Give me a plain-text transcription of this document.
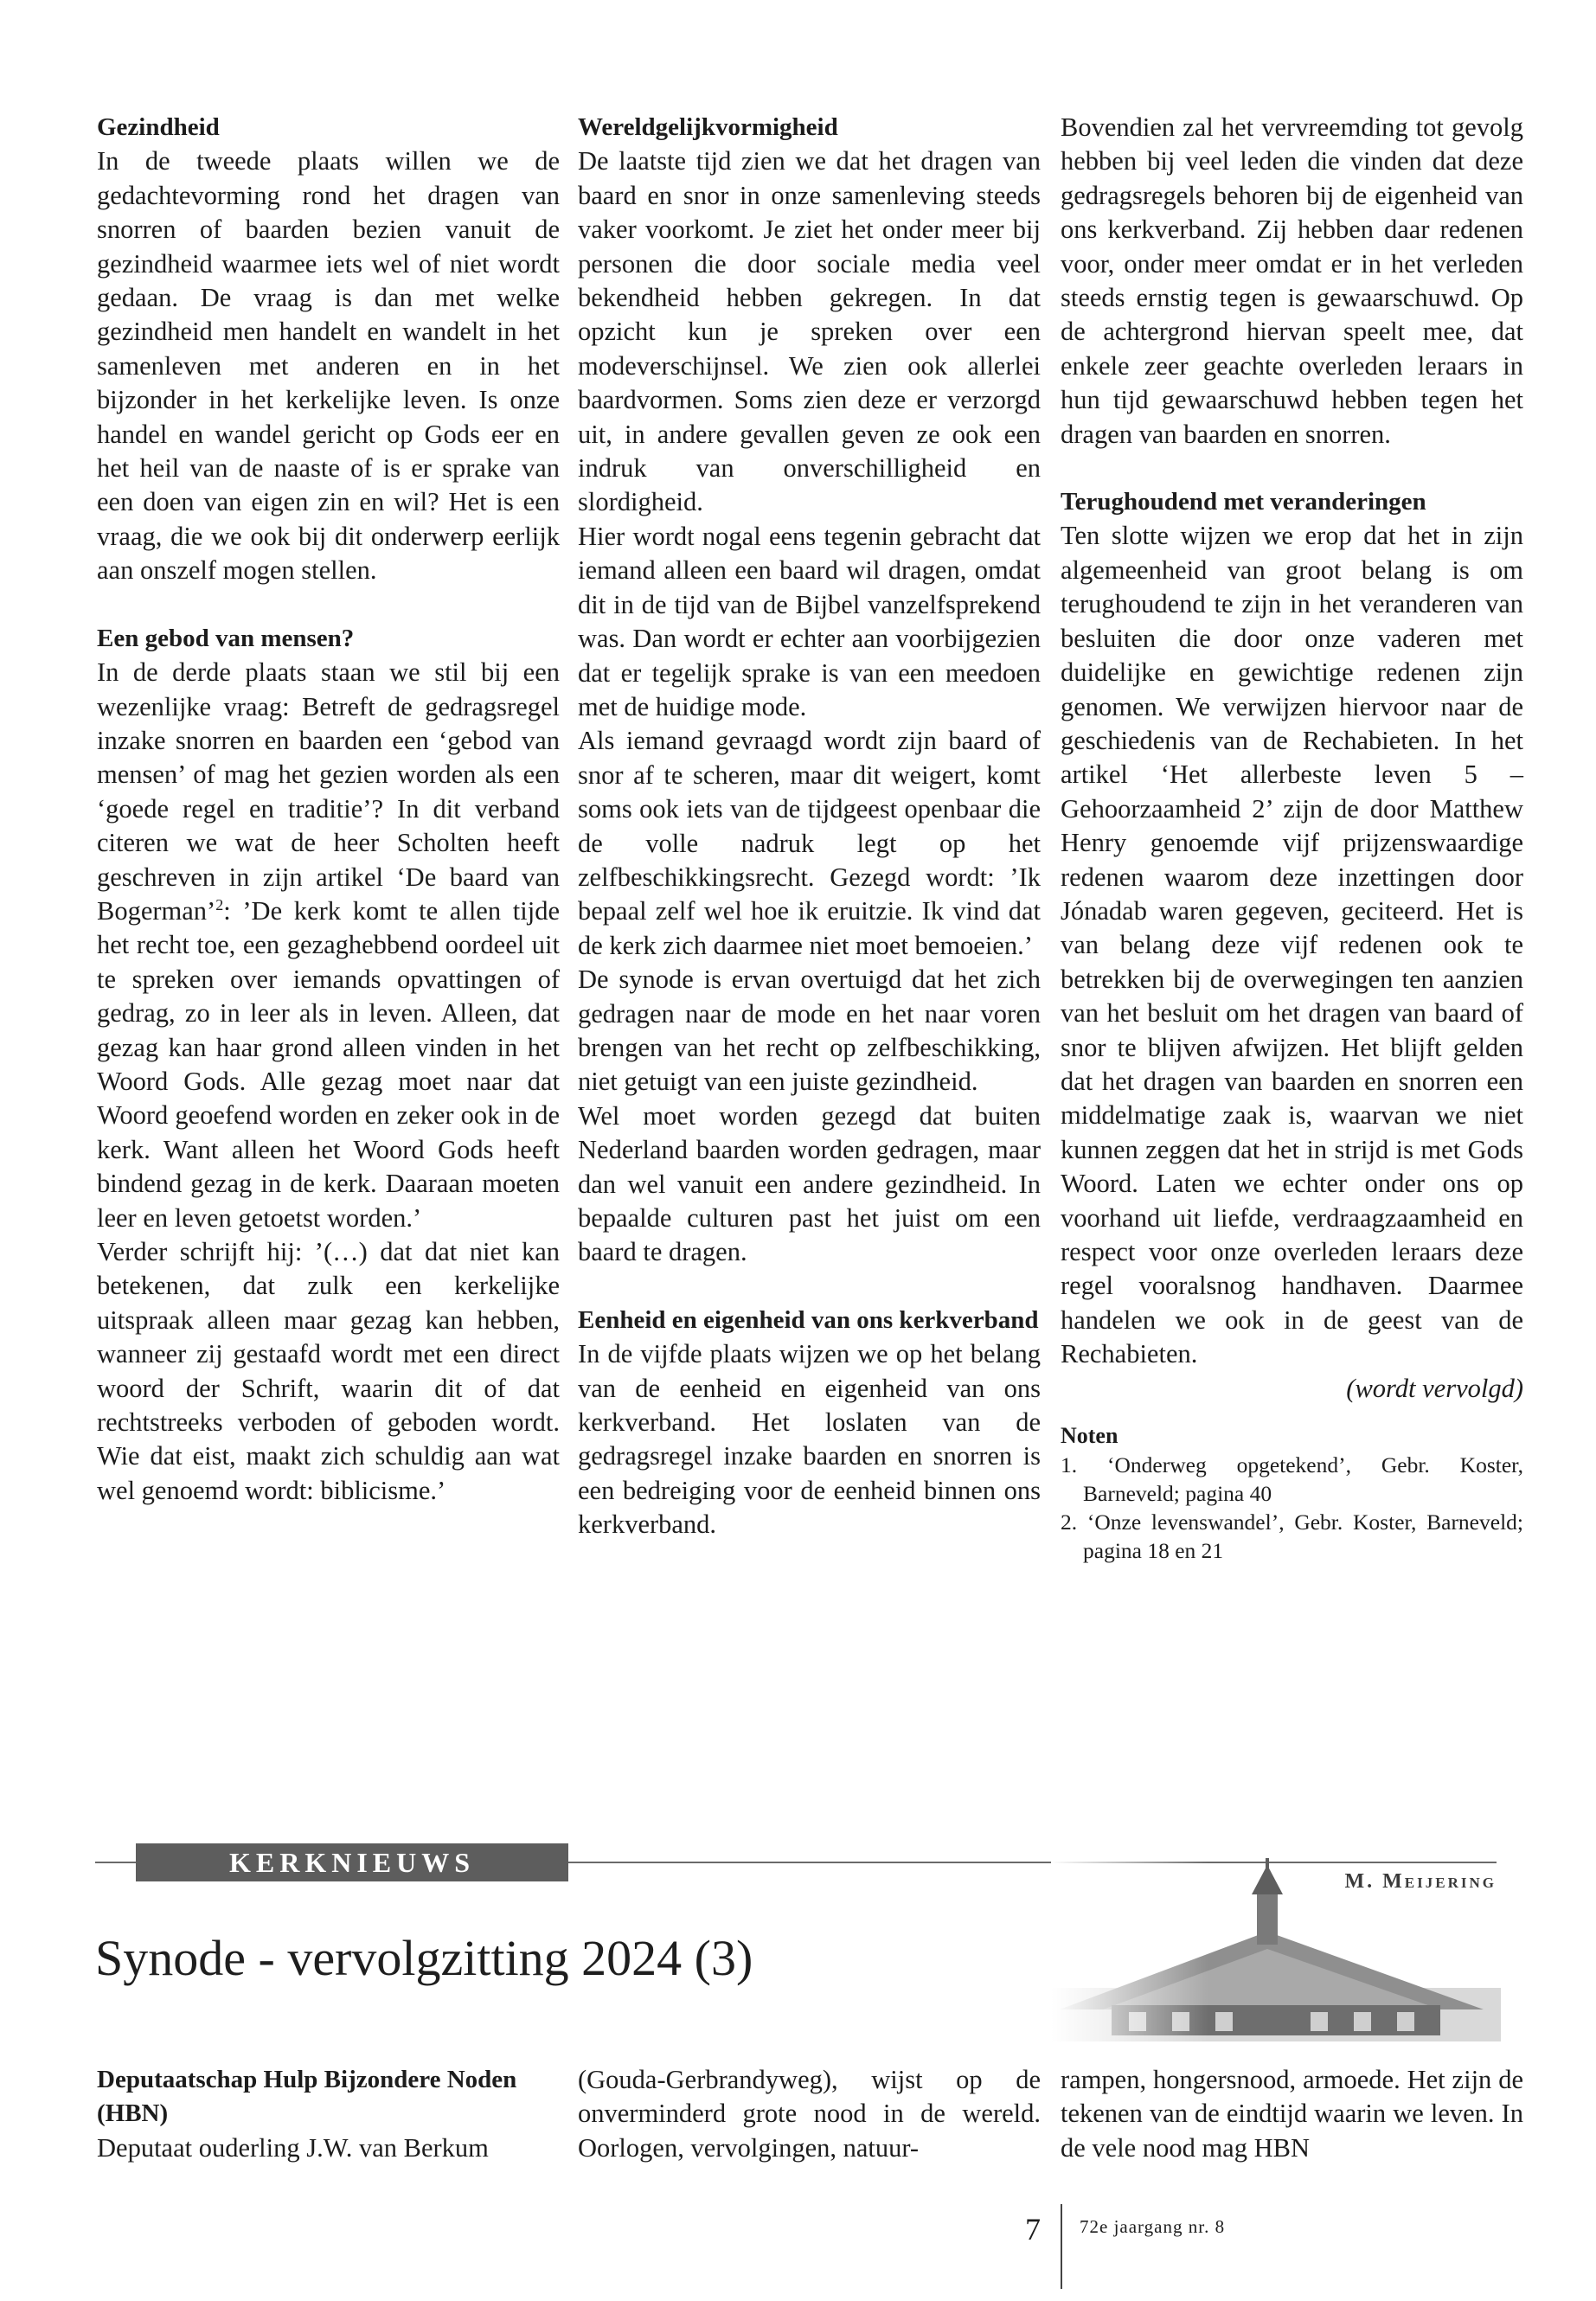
Gezindheid

In de tweede plaats willen we de gedachtevorming rond het dragen van snorren of baarden bezien vanuit de gezindheid waarmee iets wel of niet wordt gedaan. De vraag is dan met welke gezindheid men handelt en wandelt in het samenleven met anderen en in het bijzonder in het kerkelijke leven. Is onze handel en wandel gericht op Gods eer en het heil van de naaste of is er sprake van een doen van eigen zin en wil? Het is een vraag, die we ook bij dit onderwerp eerlijk aan onszelf mogen stellen.

Een gebod van mensen?

In de derde plaats staan we stil bij een wezenlijke vraag: Betreft de gedragsregel inzake snorren en baarden een ‘gebod van mensen’ of mag het gezien worden als een ‘goede regel en traditie’? In dit verband citeren we wat de heer Scholten heeft geschreven in zijn artikel ‘De baard van Bogerman’$^2$: ’De kerk komt te allen tijde het recht toe, een gezaghebbend oordeel uit te spreken over iemands opvattingen of gedrag, zo in leer als in leven. Alleen, dat gezag kan haar grond alleen vinden in het Woord Gods. Alle gezag moet naar dat Woord geoefend worden en zeker ook in de kerk. Want alleen het Woord Gods heeft bindend gezag in de kerk. Daaraan moeten leer en leven getoetst worden.’

Verder schrijft hij: ’(…) dat dat niet kan betekenen, dat zulk een kerkelijke uitspraak alleen maar gezag kan hebben, wanneer zij gestaafd wordt met een direct woord der Schrift, waarin dit of dat rechtstreeks verboden of geboden wordt. Wie dat eist, maakt zich schuldig aan wat wel genoemd wordt: biblicisme.’

Wereldgelijkvormigheid

De laatste tijd zien we dat het dragen van baard en snor in onze samenleving steeds vaker voorkomt. Je ziet het onder meer bij personen die door sociale media veel bekendheid hebben gekregen. In dat opzicht kun je spreken over een modeverschijnsel. We zien ook allerlei baardvormen. Soms zien deze er verzorgd uit, in andere gevallen geven ze ook een indruk van onverschilligheid en slordigheid.

Hier wordt nogal eens tegenin gebracht dat iemand alleen een baard wil dragen, omdat dit in de tijd van de Bijbel vanzelfsprekend was. Dan wordt er echter aan voorbijgezien dat er tegelijk sprake is van een meedoen met de huidige mode.

Als iemand gevraagd wordt zijn baard of snor af te scheren, maar dit weigert, komt soms ook iets van de tijdgeest openbaar die de volle nadruk legt op het zelfbeschikkingsrecht. Gezegd wordt: ’Ik bepaal zelf wel hoe ik eruitzie. Ik vind dat de kerk zich daarmee niet moet bemoeien.’

De synode is ervan overtuigd dat het zich gedragen naar de mode en het naar voren brengen van het recht op zelfbeschikking, niet getuigt van een juiste gezindheid.

Wel moet worden gezegd dat buiten Nederland baarden worden gedragen, maar dan wel vanuit een andere gezindheid. In bepaalde culturen past het juist om een baard te dragen.

Eenheid en eigenheid van ons kerkverband

In de vijfde plaats wijzen we op het belang van de eenheid en eigenheid van ons kerkverband. Het loslaten van de gedragsregel inzake baarden en snorren is een bedreiging voor de eenheid binnen ons kerkverband.

Bovendien zal het vervreemding tot gevolg hebben bij veel leden die vinden dat deze gedragsregels behoren bij de eigenheid van ons kerkverband. Zij hebben daar redenen voor, onder meer omdat er in het verleden steeds ernstig tegen is gewaarschuwd. Op de achtergrond hiervan speelt mee, dat enkele zeer geachte overleden leraars in hun tijd gewaarschuwd hebben tegen het dragen van baarden en snorren.

Terughoudend met veranderingen

Ten slotte wijzen we erop dat het in zijn algemeenheid van groot belang is om terughoudend te zijn in het veranderen van besluiten die door onze vaderen met duidelijke en gewichtige redenen zijn genomen. We verwijzen hiervoor naar de geschiedenis van de Rechabieten. In het artikel ‘Het allerbeste leven 5 – Gehoorzaamheid 2’ zijn de door Matthew Henry genoemde vijf prijzenswaardige redenen waarom deze inzettingen door Jónadab waren gegeven, geciteerd. Het is van belang deze vijf redenen ook te betrekken bij de overwegingen ten aanzien van het besluit om het dragen van baard of snor te blijven afwijzen. Het blijft gelden dat het dragen van baarden en snorren een middelmatige zaak is, waarvan we niet kunnen zeggen dat het in strijd is met Gods Woord. Laten we echter onder ons op voorhand uit liefde, verdraagzaamheid en respect voor onze overleden leraars deze regel vooralsnog handhaven. Daarmee handelen we ook in de geest van de Rechabieten.

(wordt vervolgd)

Noten
1. ‘Onderweg opgetekend’, Gebr. Koster, Barneveld; pagina 40
2. ‘Onze levenswandel’, Gebr. Koster, Barneveld; pagina 18 en 21
KERKNIEUWS
M. Meijering
Synode - vervolgzitting 2024 (3)
Deputaatschap Hulp Bijzondere Noden (HBN)

Deputaat ouderling J.W. van Berkum

(Gouda-Gerbrandyweg), wijst op de onverminderd grote nood in de wereld. Oorlogen, vervolgingen, natuur-

rampen, hongersnood, armoede. Het zijn de tekenen van de eindtijd waarin we leven. In de vele nood mag HBN

7 72e jaargang nr. 8
